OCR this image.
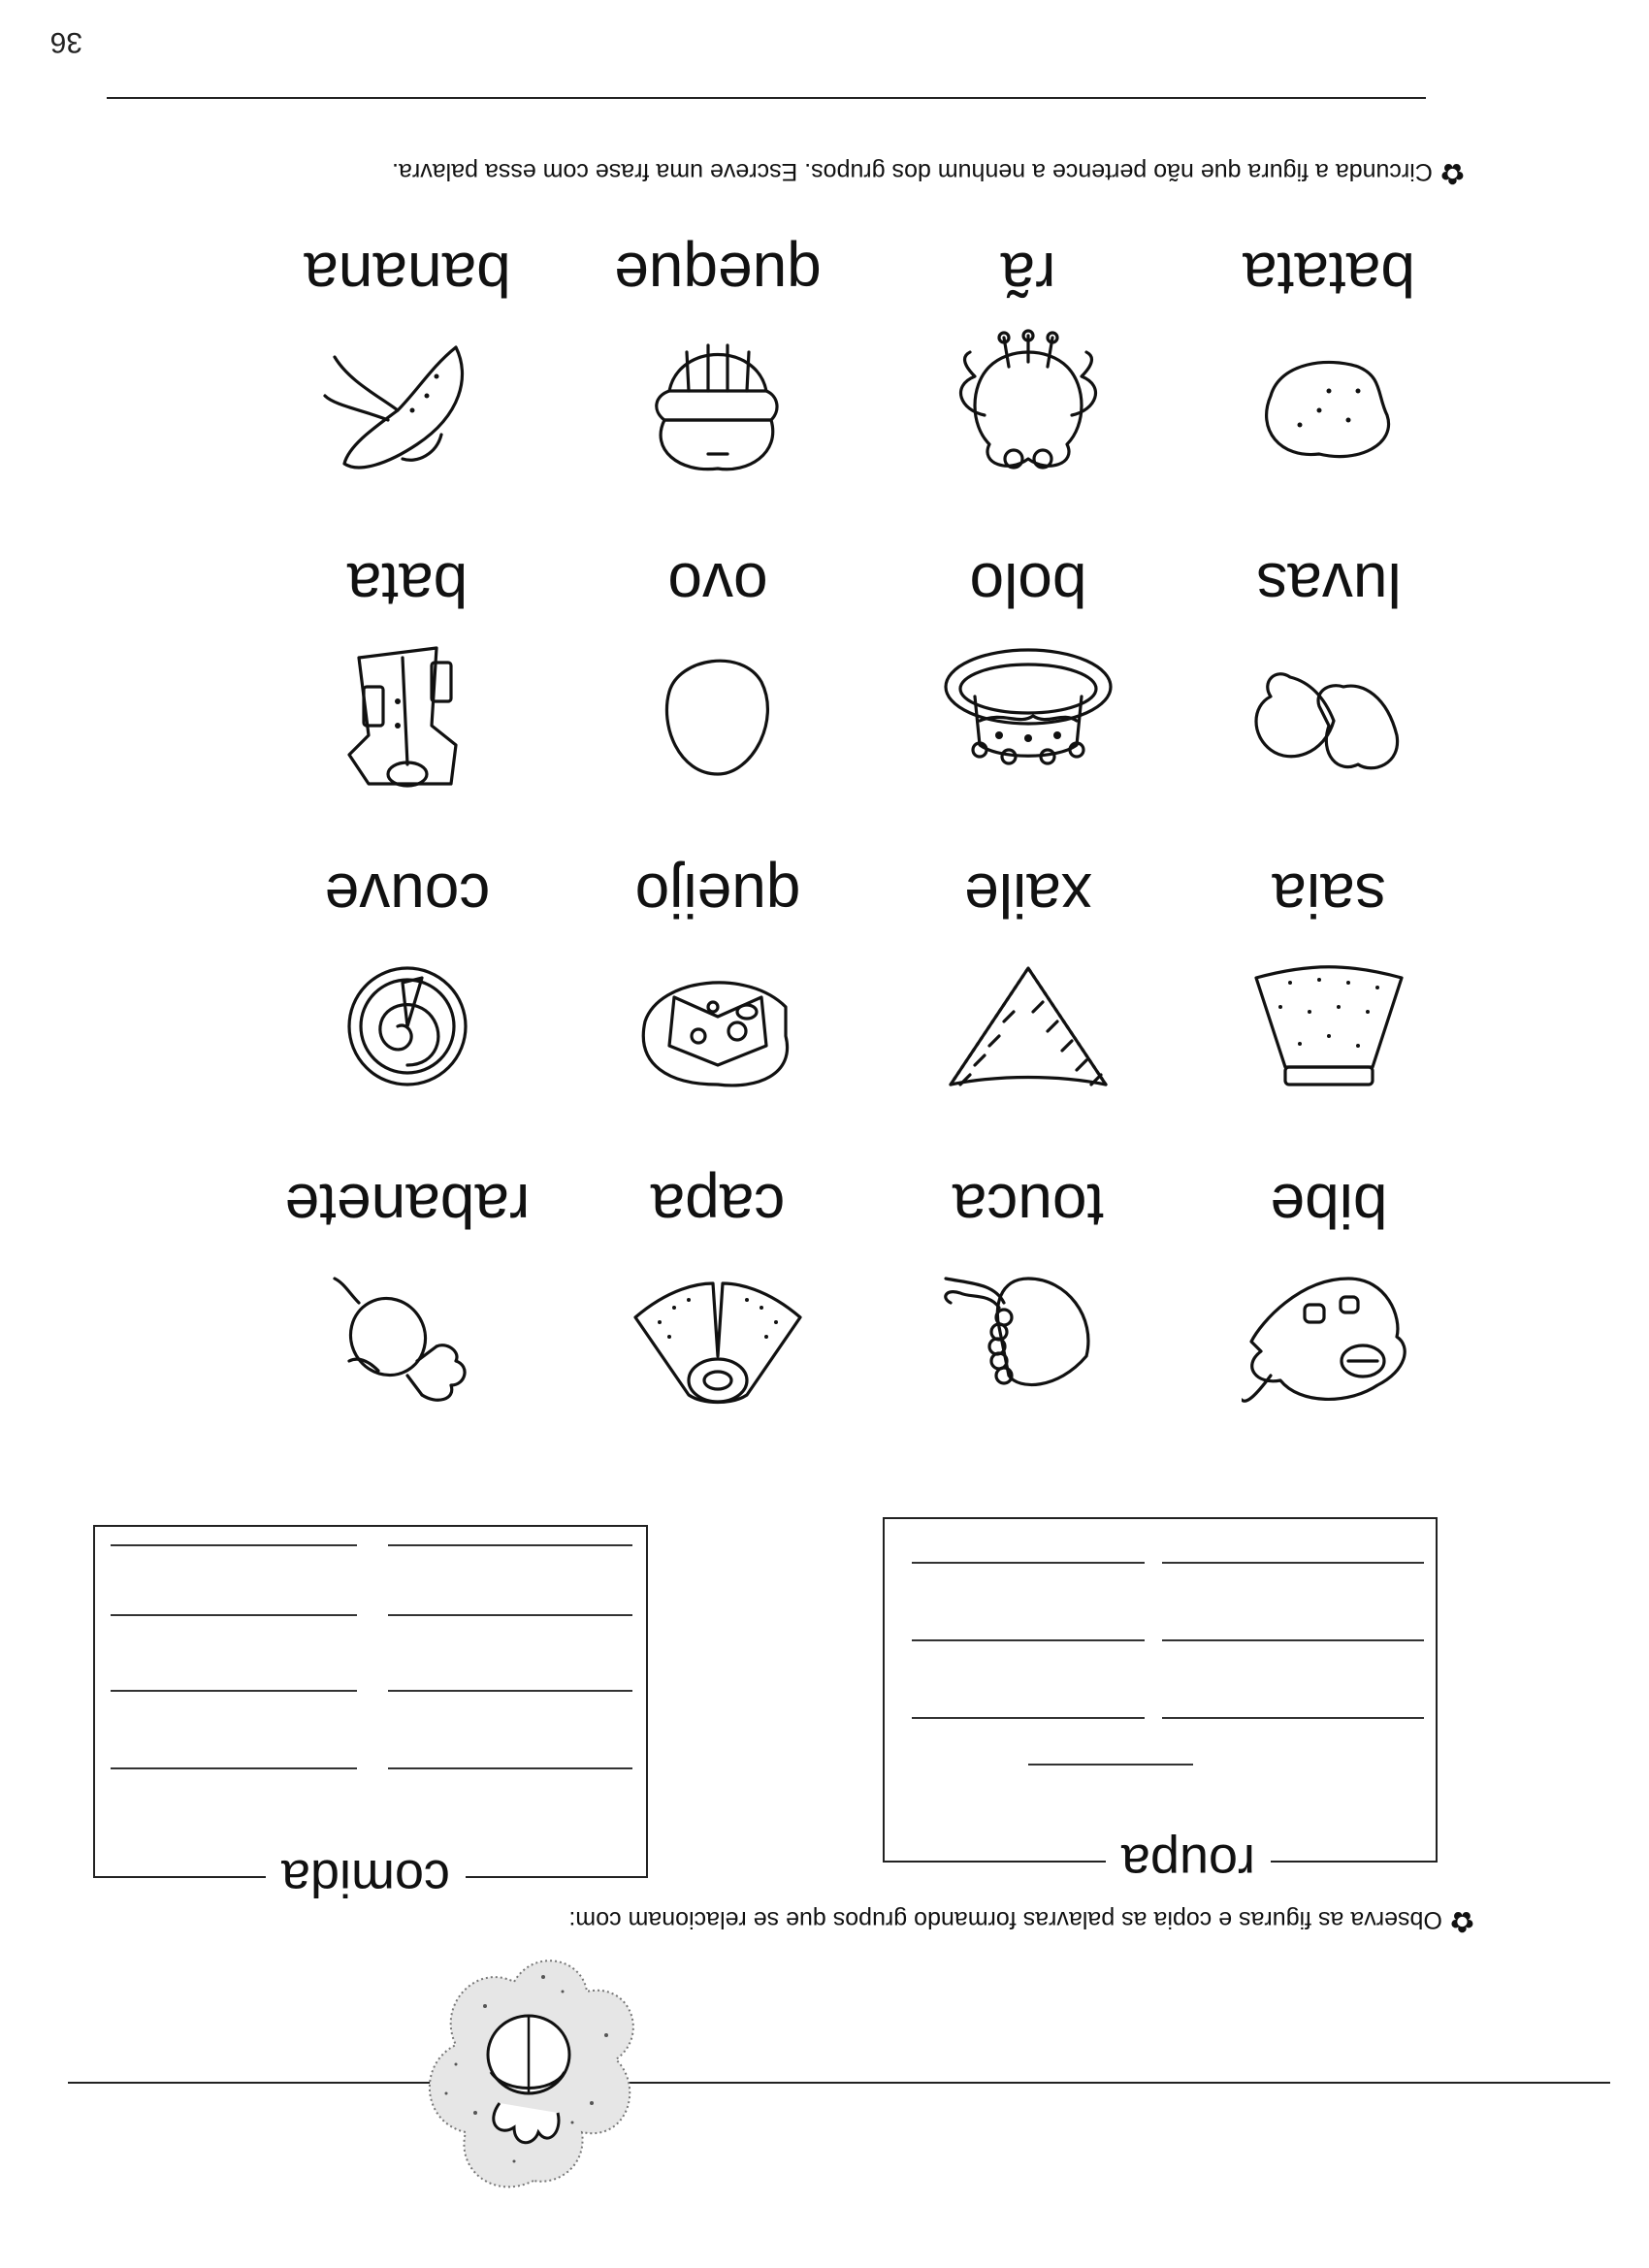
✿Observa as figuras e copia as palavras formando grupos que se relacionam com:
roupa
comida
bibe
touca
capa
rabanete
saia
xaile
queijo
couve
luvas
bolo
ovo
bata
batata
rã
queque
banana
✿Circunda a figura que não pertence a nenhum dos grupos. Escreve uma frase com essa palavra.
36
